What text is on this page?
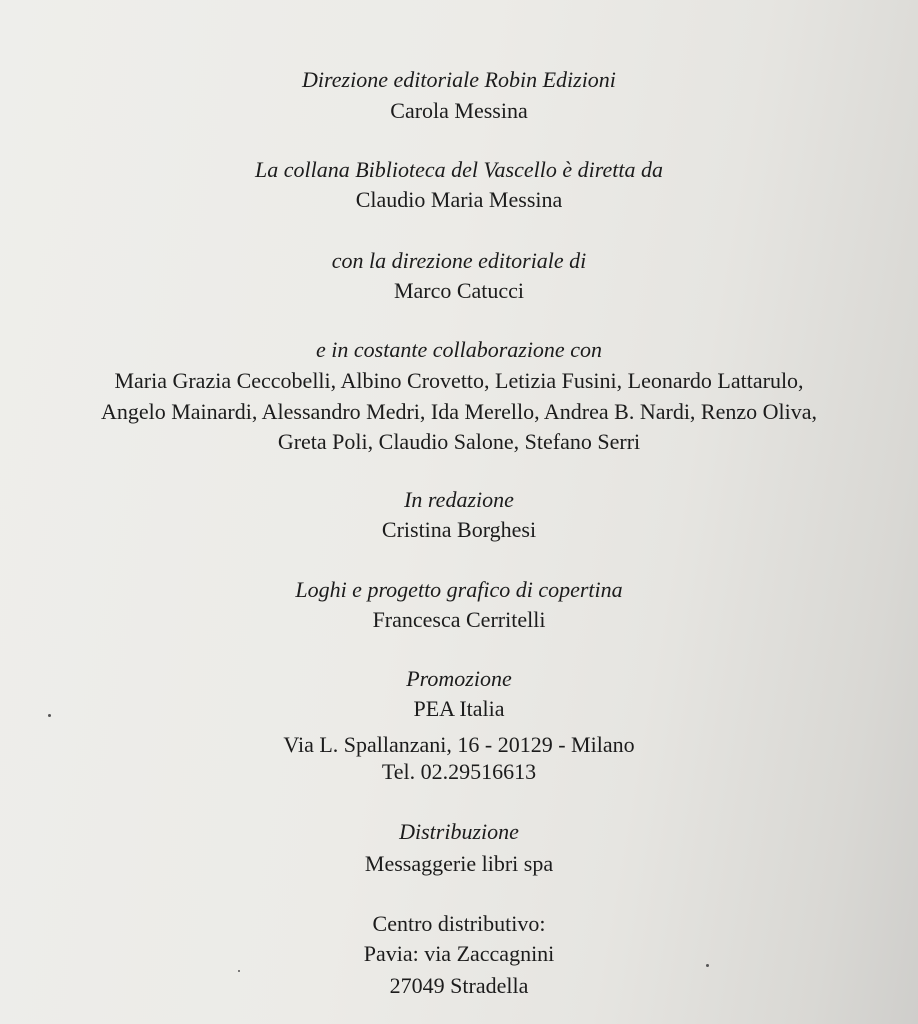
Direzione editoriale Robin Edizioni
Carola Messina
La collana Biblioteca del Vascello è diretta da
Claudio Maria Messina
con la direzione editoriale di
Marco Catucci
e in costante collaborazione con
Maria Grazia Ceccobelli, Albino Crovetto, Letizia Fusini, Leonardo Lattarulo,
Angelo Mainardi, Alessandro Medri, Ida Merello, Andrea B. Nardi, Renzo Oliva,
Greta Poli, Claudio Salone, Stefano Serri
In redazione
Cristina Borghesi
Loghi e progetto grafico di copertina
Francesca Cerritelli
Promozione
PEA Italia
Via L. Spallanzani, 16 - 20129 - Milano
Tel. 02.29516613
Distribuzione
Messaggerie libri spa
Centro distributivo:
Pavia: via Zaccagnini
27049 Stradella
